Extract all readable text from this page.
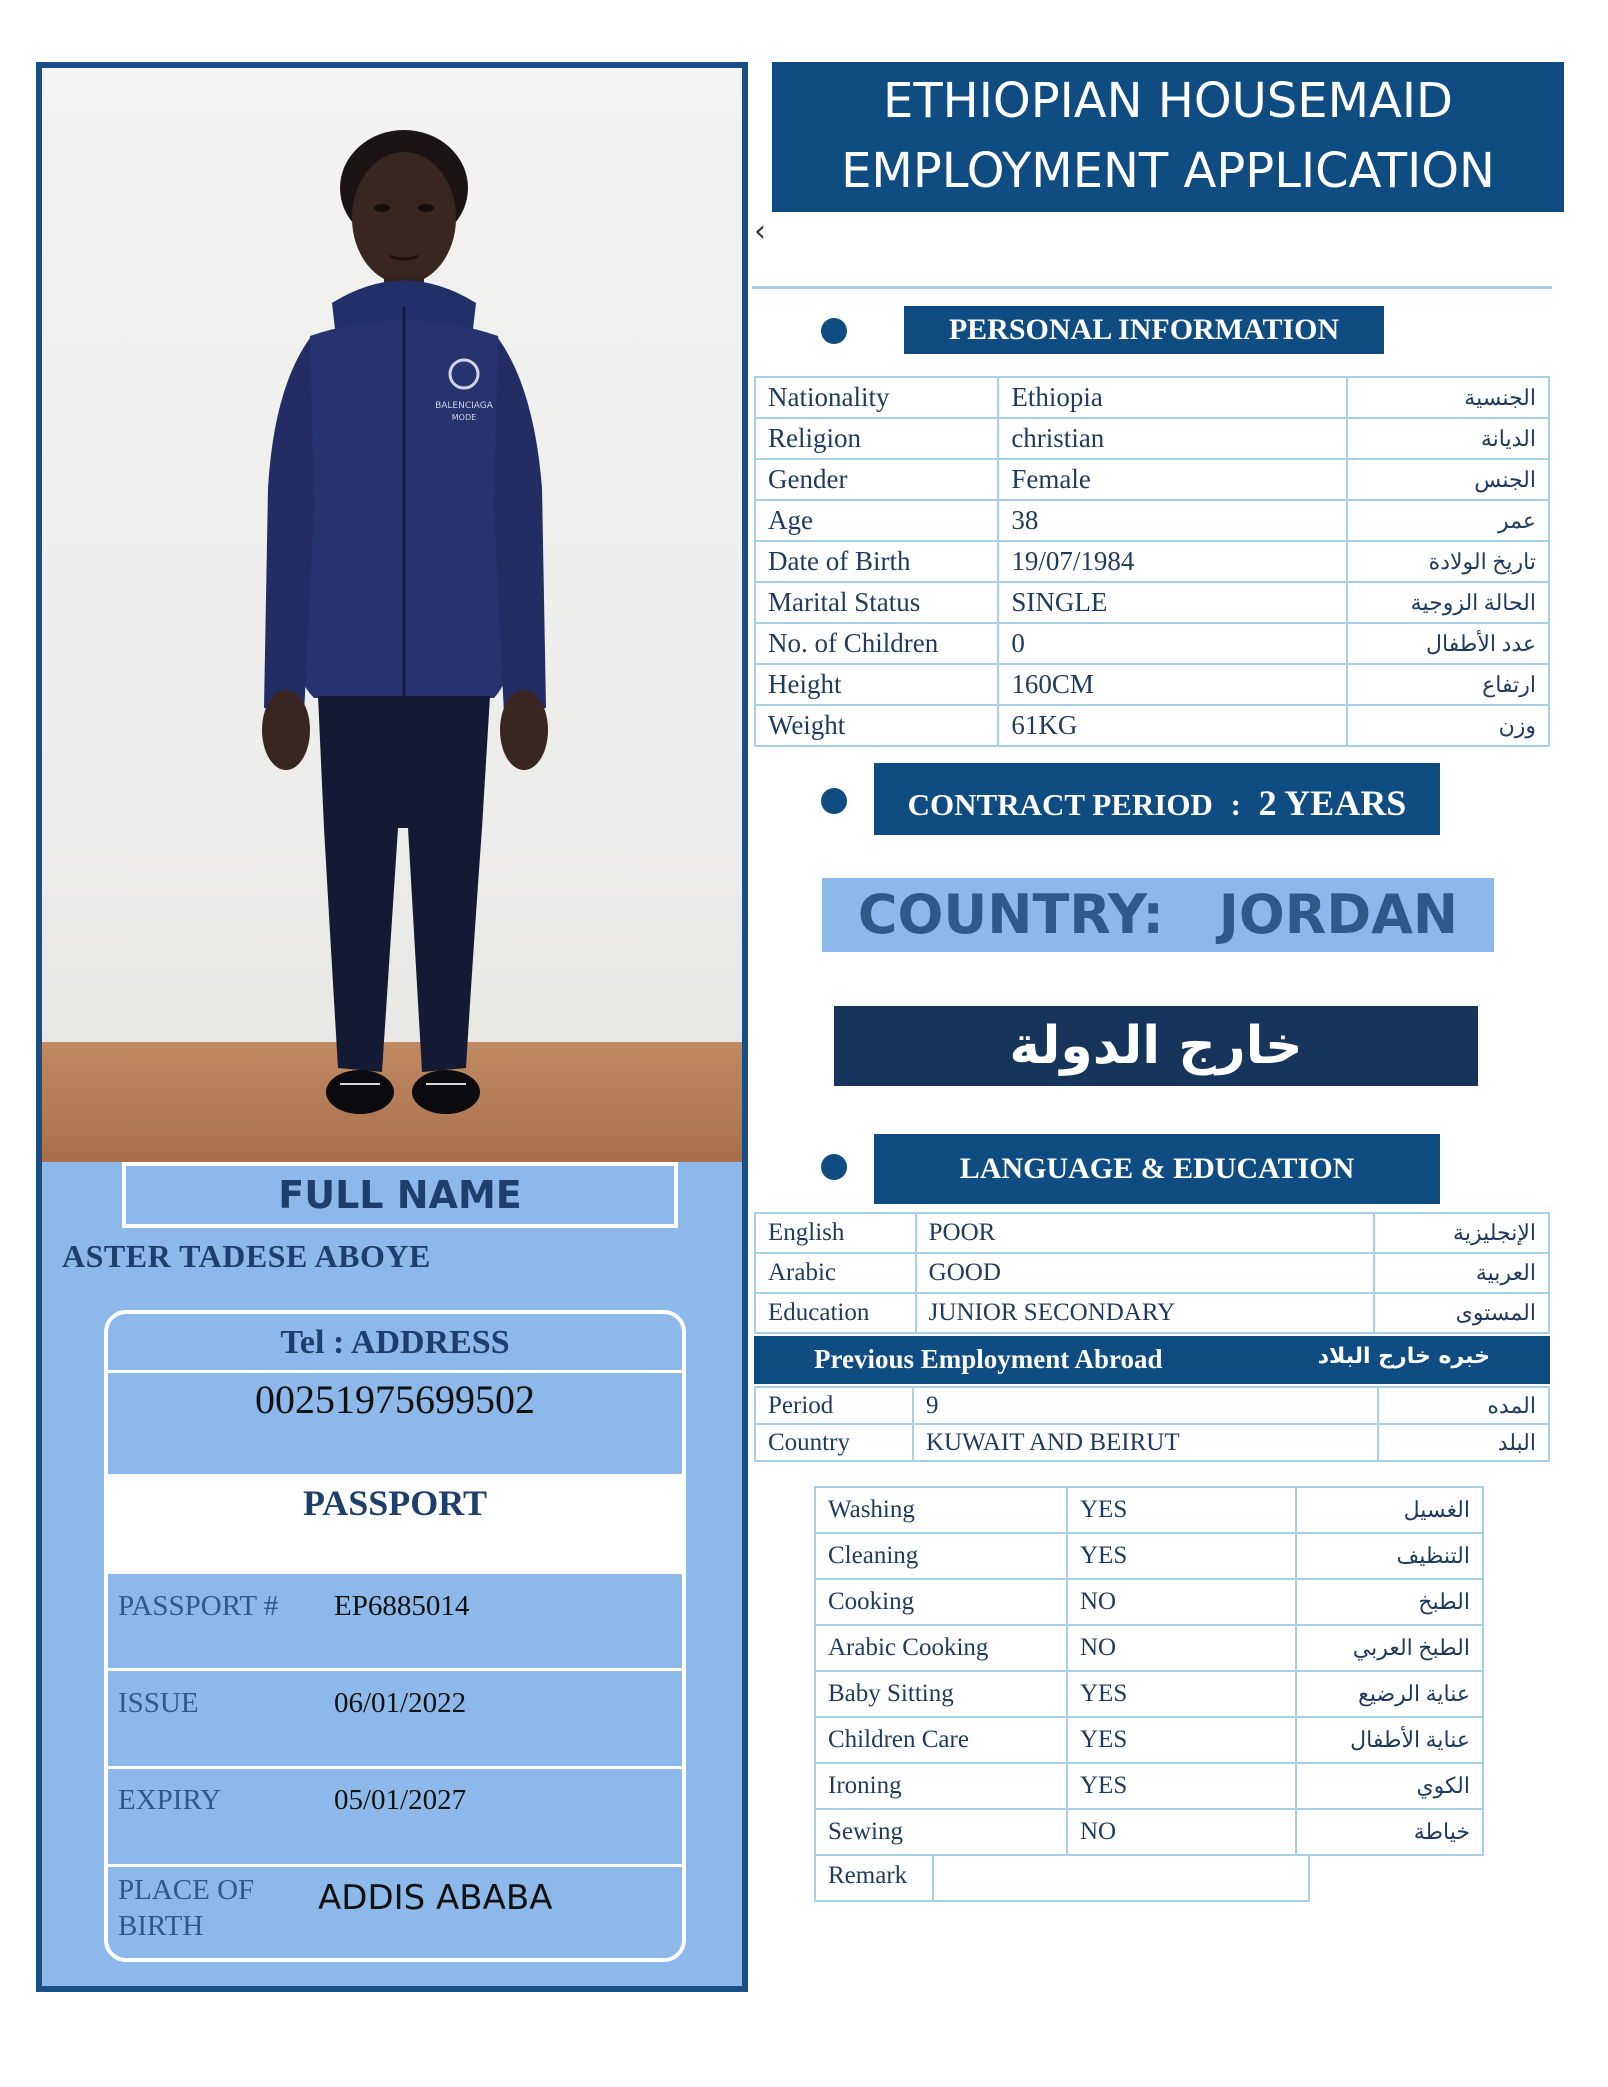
BALENCIAGA
MODE
FULL NAME
ASTER TADESE ABOYE
Tel : ADDRESS
00251975699502
PASSPORT
PASSPORT # EP6885014
ISSUE	06/01/2022
EXPIRY	05/01/2027
PLACE OF
BIRTH
ADDIS ABABA
ETHIOPIAN HOUSEMAID
EMPLOYMENT APPLICATION
‹
PERSONAL INFORMATION
Nationality	Ethiopia	الجنسية
Religion	christian	الديانة
Gender	Female	الجنس
Age	38	عمر
Date of Birth	19/07/1984	تاريخ الولادة
Marital Status	SINGLE	الحالة الزوجية
No. of Children	0	عدد الأطفال
Height	160CM	ارتفاع
Weight	61KG	وزن
CONTRACT PERIOD : 2 YEARS
COUNTRY: JORDAN
خارج الدولة
LANGUAGE & EDUCATION
English	POOR	الإنجليزية
Arabic	GOOD	العربية
Education	JUNIOR SECONDARY	المستوى
Previous Employment Abroad	خبره خارج البلاد
Period	9	المده
Country	KUWAIT AND BEIRUT	البلد
Washing	YES	الغسيل
Cleaning	YES	التنظيف
Cooking	NO	الطبخ
Arabic Cooking	NO	الطبخ العربي
Baby Sitting	YES	عناية الرضيع
Children Care	YES	عناية الأطفال
Ironing	YES	الكوي
Sewing	NO	خياطة
Remark
